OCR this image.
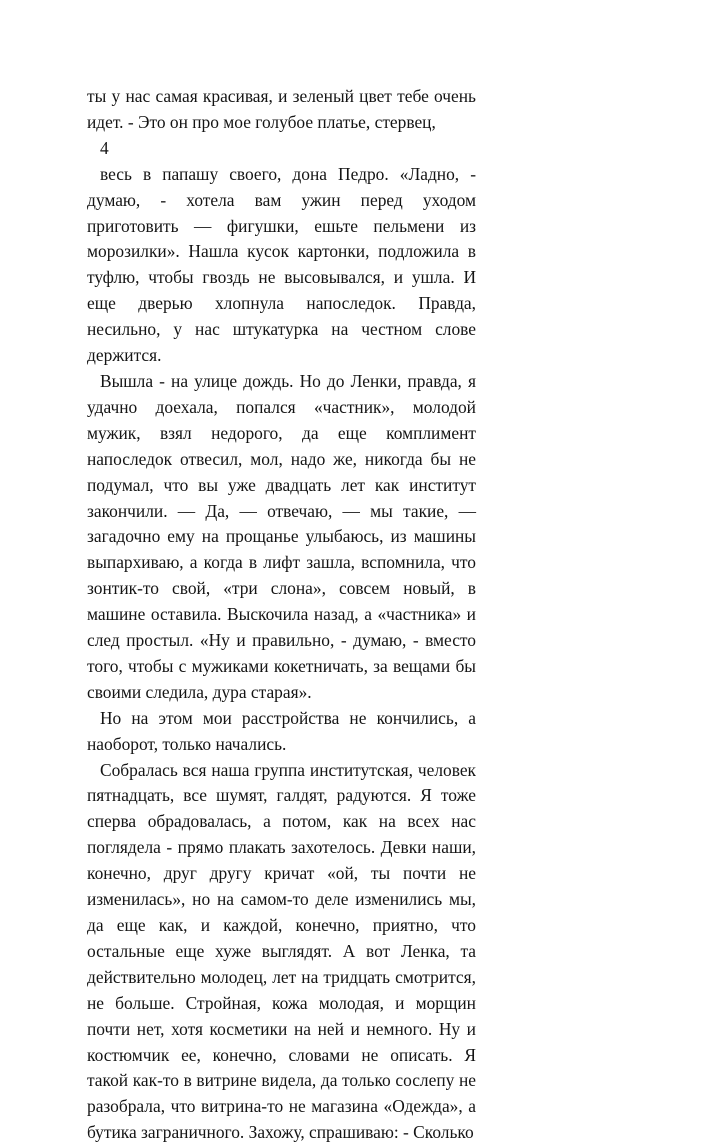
ты у нас самая красивая, и зеленый цвет тебе очень идет. - Это он про мое голубое платье, стервец,

4

весь в папашу своего, дона Педро. «Ладно, - думаю, - хотела вам ужин перед уходом приготовить — фигушки, ешьте пельмени из морозилки». Нашла кусок картонки, подложила в туфлю, чтобы гвоздь не высовывался, и ушла. И еще дверью хлопнула напоследок. Правда, несильно, у нас штукатурка на честном слове держится.

Вышла - на улице дождь. Но до Ленки, правда, я удачно доехала, попался «частник», молодой мужик, взял недорого, да еще комплимент напоследок отвесил, мол, надо же, никогда бы не подумал, что вы уже двадцать лет как институт закончили. — Да, — отвечаю, — мы такие, — загадочно ему на прощанье улыбаюсь, из машины выпархиваю, а когда в лифт зашла, вспомнила, что зонтик-то свой, «три слона», совсем новый, в машине оставила. Выскочила назад, а «частника» и след простыл. «Ну и правильно, - думаю, - вместо того, чтобы с мужиками кокетничать, за вещами бы своими следила, дура старая».

Но на этом мои расстройства не кончились, а наоборот, только начались.

Собралась вся наша группа институтская, человек пятнадцать, все шумят, галдят, радуются. Я тоже сперва обрадовалась, а потом, как на всех нас поглядела - прямо плакать захотелось. Девки наши, конечно, друг другу кричат «ой, ты почти не изменилась», но на самом-то деле изменились мы, да еще как, и каждой, конечно, приятно, что остальные еще хуже выглядят. А вот Ленка, та действительно молодец, лет на тридцать смотрится, не больше. Стройная, кожа молодая, и морщин почти нет, хотя косметики на ней и немного. Ну и костюмчик ее, конечно, словами не описать. Я такой как-то в витрине видела, да только сослепу не разобрала, что витрина-то не магазина «Одежда», а бутика заграничного. Захожу, спрашиваю: - Сколько
